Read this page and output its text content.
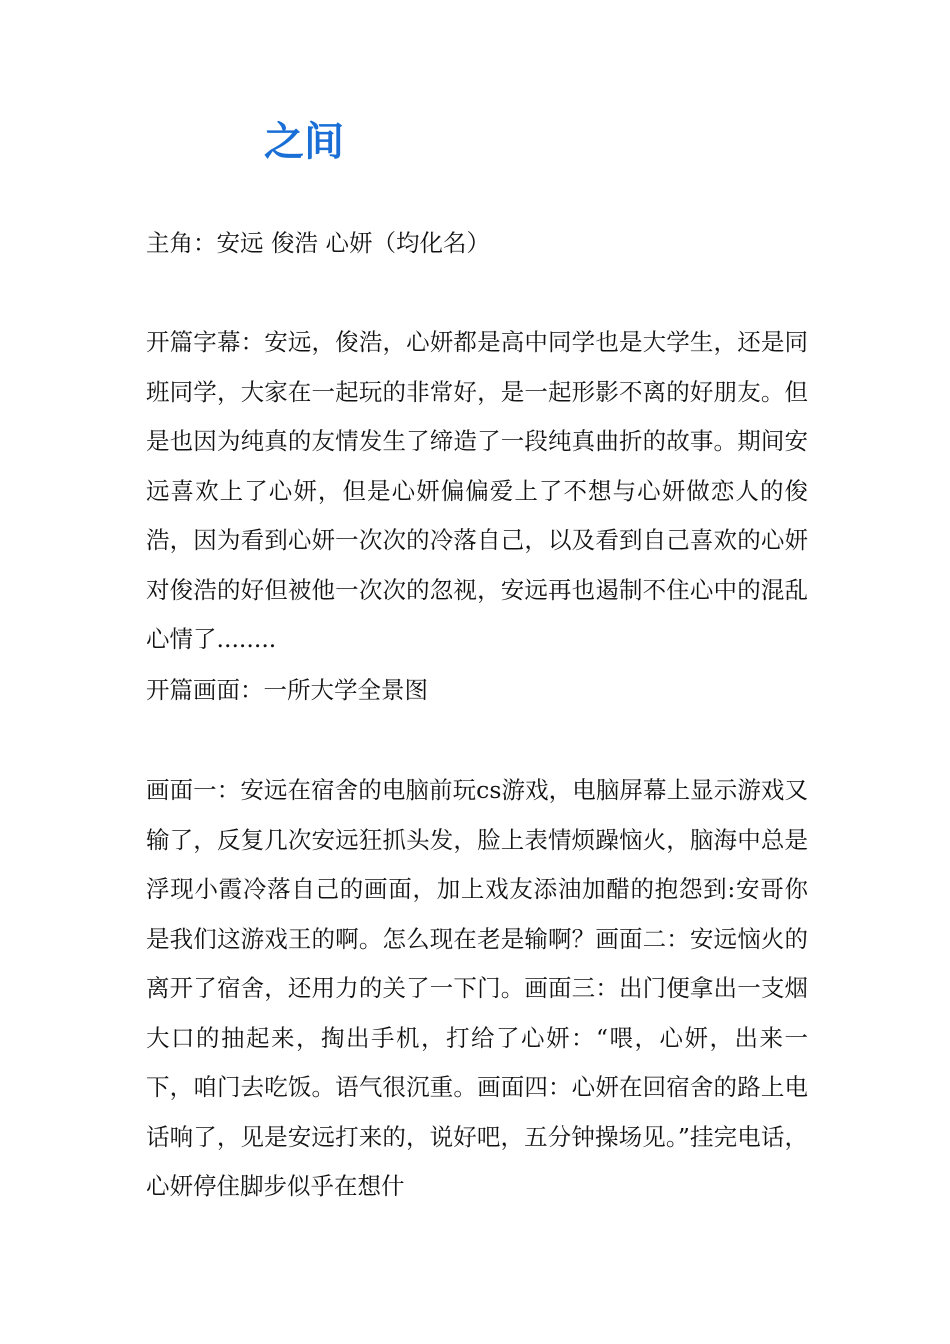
之间

主角：安远 俊浩 心妍（均化名）

开篇字幕：安远，俊浩，心妍都是高中同学也是大学生，还是同班同学，大家在一起玩的非常好，是一起形影不离的好朋友。但是也因为纯真的友情发生了缔造了一段纯真曲折的故事。期间安远喜欢上了心妍，但是心妍偏偏爱上了不想与心妍做恋人的俊浩，因为看到心妍一次次的冷落自己，以及看到自己喜欢的心妍对俊浩的好但被他一次次的忽视，安远再也遏制不住心中的混乱心情了........

开篇画面：一所大学全景图

画面一：安远在宿舍的电脑前玩cs游戏，电脑屏幕上显示游戏又输了，反复几次安远狂抓头发，脸上表情烦躁恼火，脑海中总是浮现小霞冷落自己的画面，加上戏友添油加醋的抱怨到:安哥你是我们这游戏王的啊。怎么现在老是输啊？画面二：安远恼火的离开了宿舍，还用力的关了一下门。画面三：出门便拿出一支烟大口的抽起来，掏出手机，打给了心妍：“喂，心妍，出来一下，咱门去吃饭。语气很沉重。画面四：心妍在回宿舍的路上电话响了，见是安远打来的，说好吧，五分钟操场见。”挂完电话，心妍停住脚步似乎在想什
